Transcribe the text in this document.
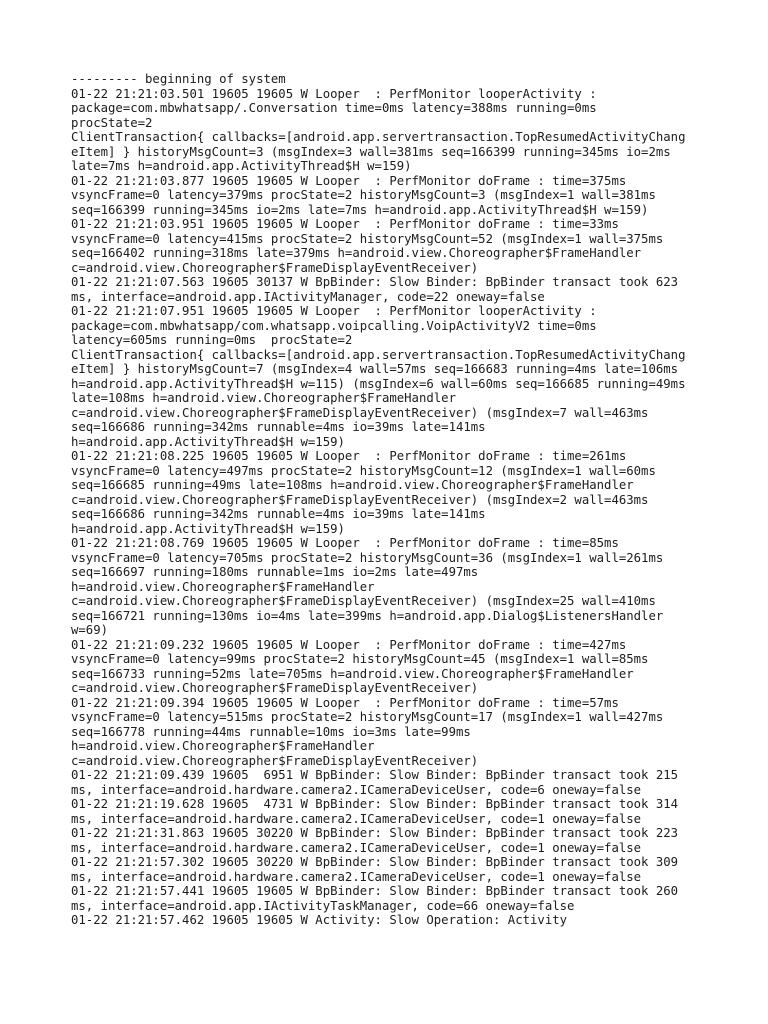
--------- beginning of system
01-22 21:21:03.501 19605 19605 W Looper  : PerfMonitor looperActivity :
package=com.mbwhatsapp/.Conversation time=0ms latency=388ms running=0ms
procState=2
ClientTransaction{ callbacks=[android.app.servertransaction.TopResumedActivityChang
eItem] } historyMsgCount=3 (msgIndex=3 wall=381ms seq=166399 running=345ms io=2ms
late=7ms h=android.app.ActivityThread$H w=159)
01-22 21:21:03.877 19605 19605 W Looper  : PerfMonitor doFrame : time=375ms
vsyncFrame=0 latency=379ms procState=2 historyMsgCount=3 (msgIndex=1 wall=381ms
seq=166399 running=345ms io=2ms late=7ms h=android.app.ActivityThread$H w=159)
01-22 21:21:03.951 19605 19605 W Looper  : PerfMonitor doFrame : time=33ms
vsyncFrame=0 latency=415ms procState=2 historyMsgCount=52 (msgIndex=1 wall=375ms
seq=166402 running=318ms late=379ms h=android.view.Choreographer$FrameHandler
c=android.view.Choreographer$FrameDisplayEventReceiver)
01-22 21:21:07.563 19605 30137 W BpBinder: Slow Binder: BpBinder transact took 623
ms, interface=android.app.IActivityManager, code=22 oneway=false
01-22 21:21:07.951 19605 19605 W Looper  : PerfMonitor looperActivity :
package=com.mbwhatsapp/com.whatsapp.voipcalling.VoipActivityV2 time=0ms
latency=605ms running=0ms  procState=2
ClientTransaction{ callbacks=[android.app.servertransaction.TopResumedActivityChang
eItem] } historyMsgCount=7 (msgIndex=4 wall=57ms seq=166683 running=4ms late=106ms
h=android.app.ActivityThread$H w=115) (msgIndex=6 wall=60ms seq=166685 running=49ms
late=108ms h=android.view.Choreographer$FrameHandler
c=android.view.Choreographer$FrameDisplayEventReceiver) (msgIndex=7 wall=463ms
seq=166686 running=342ms runnable=4ms io=39ms late=141ms
h=android.app.ActivityThread$H w=159)
01-22 21:21:08.225 19605 19605 W Looper  : PerfMonitor doFrame : time=261ms
vsyncFrame=0 latency=497ms procState=2 historyMsgCount=12 (msgIndex=1 wall=60ms
seq=166685 running=49ms late=108ms h=android.view.Choreographer$FrameHandler
c=android.view.Choreographer$FrameDisplayEventReceiver) (msgIndex=2 wall=463ms
seq=166686 running=342ms runnable=4ms io=39ms late=141ms
h=android.app.ActivityThread$H w=159)
01-22 21:21:08.769 19605 19605 W Looper  : PerfMonitor doFrame : time=85ms
vsyncFrame=0 latency=705ms procState=2 historyMsgCount=36 (msgIndex=1 wall=261ms
seq=166697 running=180ms runnable=1ms io=2ms late=497ms
h=android.view.Choreographer$FrameHandler
c=android.view.Choreographer$FrameDisplayEventReceiver) (msgIndex=25 wall=410ms
seq=166721 running=130ms io=4ms late=399ms h=android.app.Dialog$ListenersHandler
w=69)
01-22 21:21:09.232 19605 19605 W Looper  : PerfMonitor doFrame : time=427ms
vsyncFrame=0 latency=99ms procState=2 historyMsgCount=45 (msgIndex=1 wall=85ms
seq=166733 running=52ms late=705ms h=android.view.Choreographer$FrameHandler
c=android.view.Choreographer$FrameDisplayEventReceiver)
01-22 21:21:09.394 19605 19605 W Looper  : PerfMonitor doFrame : time=57ms
vsyncFrame=0 latency=515ms procState=2 historyMsgCount=17 (msgIndex=1 wall=427ms
seq=166778 running=44ms runnable=10ms io=3ms late=99ms
h=android.view.Choreographer$FrameHandler
c=android.view.Choreographer$FrameDisplayEventReceiver)
01-22 21:21:09.439 19605  6951 W BpBinder: Slow Binder: BpBinder transact took 215
ms, interface=android.hardware.camera2.ICameraDeviceUser, code=6 oneway=false
01-22 21:21:19.628 19605  4731 W BpBinder: Slow Binder: BpBinder transact took 314
ms, interface=android.hardware.camera2.ICameraDeviceUser, code=1 oneway=false
01-22 21:21:31.863 19605 30220 W BpBinder: Slow Binder: BpBinder transact took 223
ms, interface=android.hardware.camera2.ICameraDeviceUser, code=1 oneway=false
01-22 21:21:57.302 19605 30220 W BpBinder: Slow Binder: BpBinder transact took 309
ms, interface=android.hardware.camera2.ICameraDeviceUser, code=1 oneway=false
01-22 21:21:57.441 19605 19605 W BpBinder: Slow Binder: BpBinder transact took 260
ms, interface=android.app.IActivityTaskManager, code=66 oneway=false
01-22 21:21:57.462 19605 19605 W Activity: Slow Operation: Activity
